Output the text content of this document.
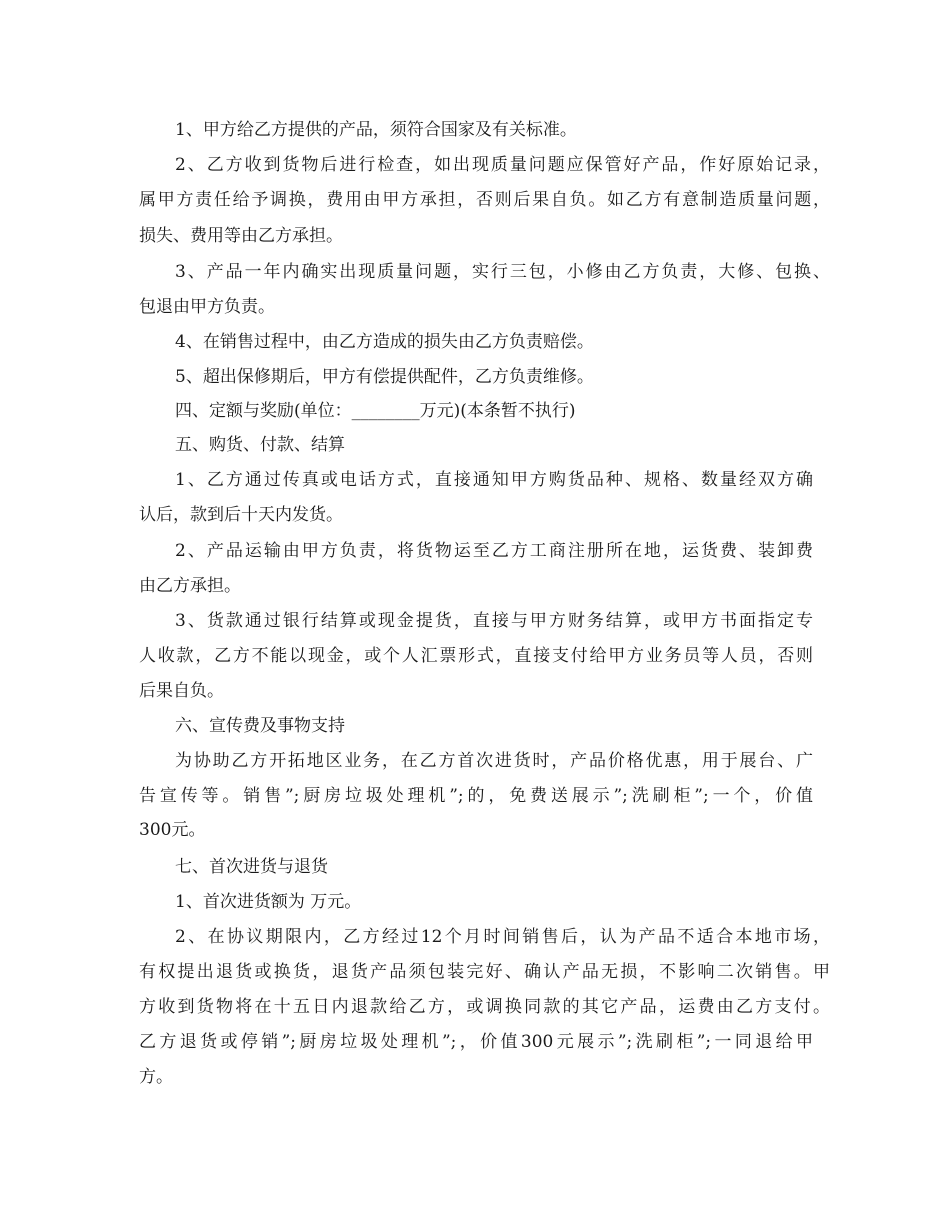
1、甲方给乙方提供的产品，须符合国家及有关标准。
2、乙方收到货物后进行检查，如出现质量问题应保管好产品，作好原始记录，
属甲方责任给予调换，费用由甲方承担，否则后果自负。如乙方有意制造质量问题，
损失、费用等由乙方承担。
3、产品一年内确实出现质量问题，实行三包，小修由乙方负责，大修、包换、
包退由甲方负责。
4、在销售过程中，由乙方造成的损失由乙方负责赔偿。
5、超出保修期后，甲方有偿提供配件，乙方负责维修。
四、定额与奖励(单位：________万元)(本条暂不执行)
五、购货、付款、结算
1、乙方通过传真或电话方式，直接通知甲方购货品种、规格、数量经双方确
认后，款到后十天内发货。
2、产品运输由甲方负责，将货物运至乙方工商注册所在地，运货费、装卸费
由乙方承担。
3、货款通过银行结算或现金提货，直接与甲方财务结算，或甲方书面指定专
人收款，乙方不能以现金，或个人汇票形式，直接支付给甲方业务员等人员，否则
后果自负。
六、宣传费及事物支持
为协助乙方开拓地区业务，在乙方首次进货时，产品价格优惠，用于展台、广
告宣传等。销售”;厨房垃圾处理机”;的，免费送展示”;洗刷柜”;一个，价值
300元。
七、首次进货与退货
1、首次进货额为 万元。
2、在协议期限内，乙方经过12个月时间销售后，认为产品不适合本地市场，
有权提出退货或换货，退货产品须包装完好、确认产品无损，不影响二次销售。甲
方收到货物将在十五日内退款给乙方，或调换同款的其它产品，运费由乙方支付。
乙方退货或停销”;厨房垃圾处理机”;，价值300元展示”;洗刷柜”;一同退给甲
方。
